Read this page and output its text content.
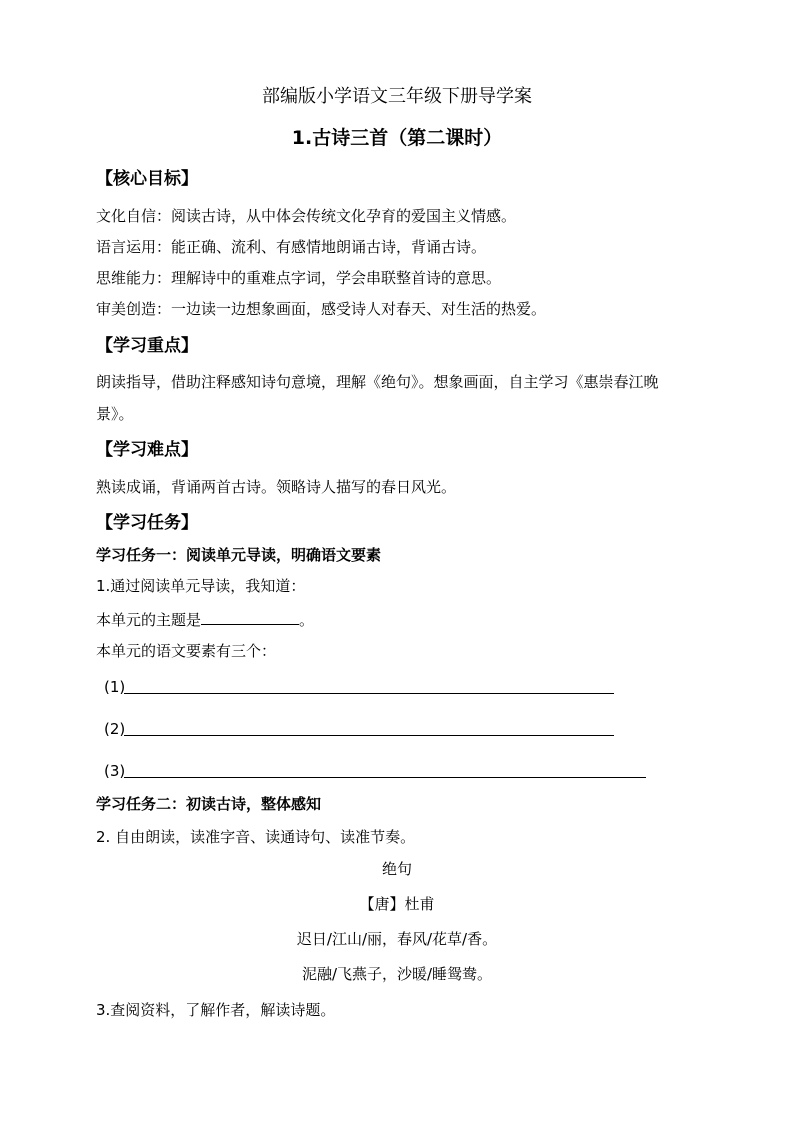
部编版小学语文三年级下册导学案
1.古诗三首（第二课时）
【核心目标】
文化自信：阅读古诗，从中体会传统文化孕育的爱国主义情感。
语言运用：能正确、流利、有感情地朗诵古诗，背诵古诗。
思维能力：理解诗中的重难点字词，学会串联整首诗的意思。
审美创造：一边读一边想象画面，感受诗人对春天、对生活的热爱。
【学习重点】
朗读指导，借助注释感知诗句意境，理解《绝句》。想象画面，自主学习《惠崇春江晚
景》。
【学习难点】
熟读成诵，背诵两首古诗。领略诗人描写的春日风光。
【学习任务】
学习任务一：阅读单元导读，明确语文要素
1.通过阅读单元导读，我知道：
本单元的主题是	。
本单元的语文要素有三个：
(1)
(2)
(3)
学习任务二：初读古诗，整体感知
2. 自由朗读，读准字音、读通诗句、读准节奏。
绝句
【唐】杜甫
迟日/江山/丽，春风/花草/香。
泥融/飞燕子，沙暖/睡鸳鸯。
3.查阅资料，了解作者，解读诗题。
